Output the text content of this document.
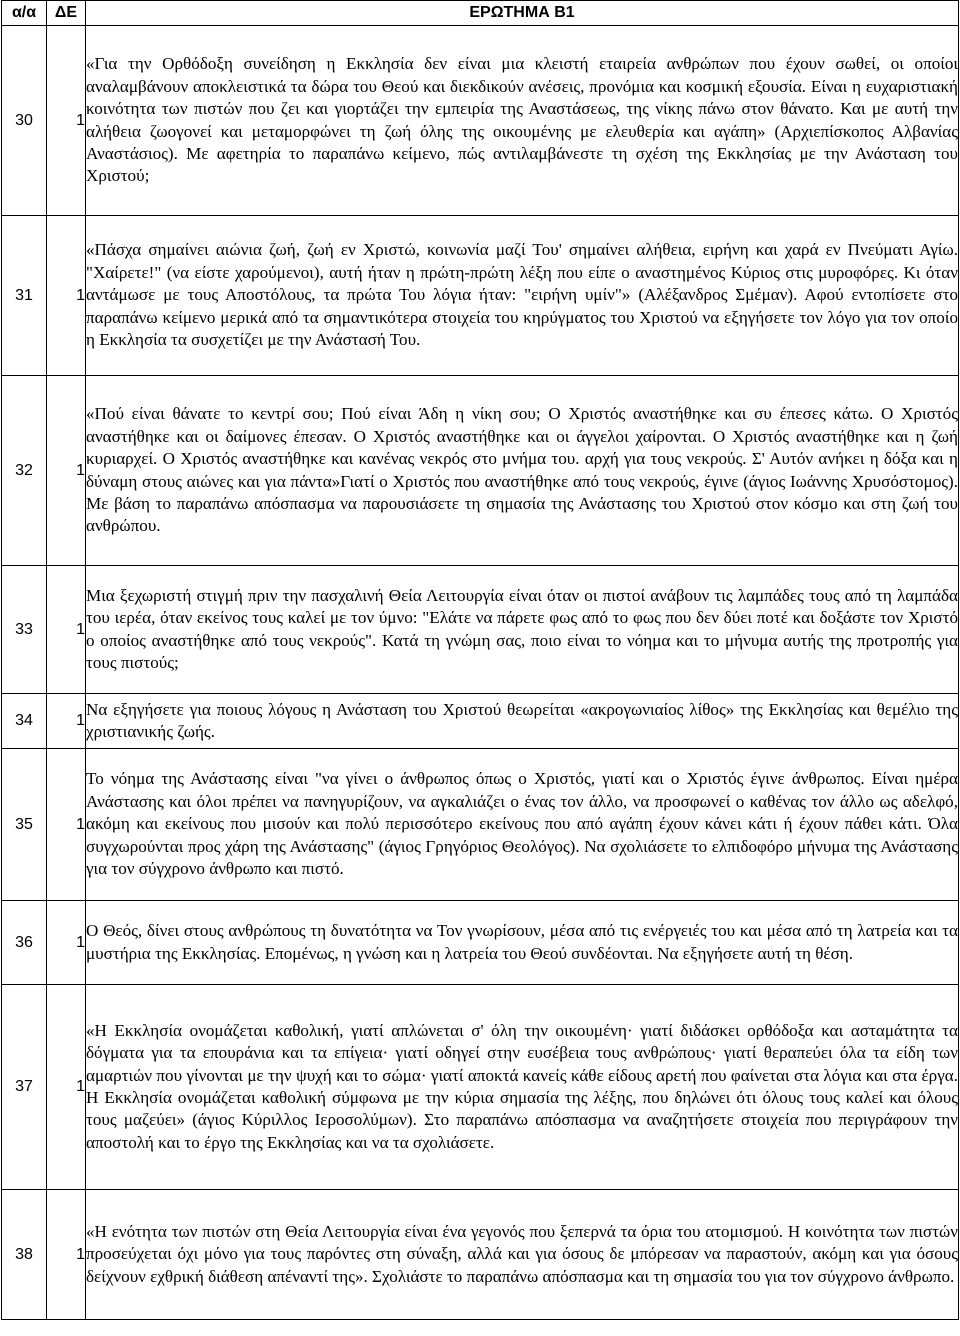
α/α	ΔΕ	ΕΡΩΤΗΜΑ Β1
30	1	«Για την Ορθόδοξη συνείδηση η Εκκλησία δεν είναι μια κλειστή εταιρεία ανθρώπων που έχουν σωθεί, οι οποίοι αναλαμβάνουν αποκλειστικά τα δώρα του Θεού και διεκδικούν ανέσεις, προνόμια και κοσμική εξουσία. Είναι η ευχαριστιακή κοινότητα των πιστών που ζει και γιορτάζει την εμπειρία της Αναστάσεως, της νίκης πάνω στον θάνατο. Και με αυτή την αλήθεια ζωογονεί και μεταμορφώνει τη ζωή όλης της οικουμένης με ελευθερία και αγάπη» (Αρχιεπίσκοπος Αλβανίας Αναστάσιος). Με αφετηρία το παραπάνω κείμενο, πώς αντιλαμβάνεστε τη σχέση της Εκκλησίας με την Ανάσταση του Χριστού;
31	1	«Πάσχα σημαίνει αιώνια ζωή, ζωή εν Χριστώ, κοινωνία μαζί Του' σημαίνει αλήθεια, ειρήνη και χαρά εν Πνεύματι Αγίω. "Χαίρετε!" (να είστε χαρούμενοι), αυτή ήταν η πρώτη-πρώτη λέξη που είπε ο αναστημένος Κύριος στις μυροφόρες. Κι όταν αντάμωσε με τους Αποστόλους, τα πρώτα Του λόγια ήταν: "ειρήνη υμίν"» (Αλέξανδρος Σμέμαν). Αφού εντοπίσετε στο παραπάνω κείμενο μερικά από τα σημαντικότερα στοιχεία του κηρύγματος του Χριστού να εξηγήσετε τον λόγο για τον οποίο η Εκκλησία τα συσχετίζει με την Ανάστασή Του.
32	1	«Πού είναι θάνατε το κεντρί σου; Πού είναι Άδη η νίκη σου; Ο Χριστός αναστήθηκε και συ έπεσες κάτω. Ο Χριστός αναστήθηκε και οι δαίμονες έπεσαν. Ο Χριστός αναστήθηκε και οι άγγελοι χαίρονται. Ο Χριστός αναστήθηκε και η ζωή κυριαρχεί. Ο Χριστός αναστήθηκε και κανένας νεκρός στο μνήμα του. αρχή για τους νεκρούς. Σ' Αυτόν ανήκει η δόξα και η δύναμη στους αιώνες και για πάντα»Γιατί ο Χριστός που αναστήθηκε από τους νεκρούς, έγινε (άγιος Ιωάννης Χρυσόστομος). Με βάση το παραπάνω απόσπασμα να παρουσιάσετε τη σημασία της Ανάστασης του Χριστού στον κόσμο και στη ζωή του ανθρώπου.
33	1	Μια ξεχωριστή στιγμή πριν την πασχαλινή Θεία Λειτουργία είναι όταν οι πιστοί ανάβουν τις λαμπάδες τους από τη λαμπάδα του ιερέα, όταν εκείνος τους καλεί με τον ύμνο: "Ελάτε να πάρετε φως από το φως που δεν δύει ποτέ και δοξάστε τον Χριστό ο οποίος αναστήθηκε από τους νεκρούς". Κατά τη γνώμη σας, ποιο είναι το νόημα και το μήνυμα αυτής της προτροπής για τους πιστούς;
34	1	Να εξηγήσετε για ποιους λόγους η Ανάσταση του Χριστού θεωρείται «ακρογωνιαίος λίθος» της Εκκλησίας και θεμέλιο της χριστιανικής ζωής.
35	1	Το νόημα της Ανάστασης είναι "να γίνει ο άνθρωπος όπως ο Χριστός, γιατί και ο Χριστός έγινε άνθρωπος. Είναι ημέρα Ανάστασης και όλοι πρέπει να πανηγυρίζουν, να αγκαλιάζει ο ένας τον άλλο, να προσφωνεί ο καθένας τον άλλο ως αδελφό, ακόμη και εκείνους που μισούν και πολύ περισσότερο εκείνους που από αγάπη έχουν κάνει κάτι ή έχουν πάθει κάτι. Όλα συγχωρούνται προς χάρη της Ανάστασης" (άγιος Γρηγόριος Θεολόγος). Να σχολιάσετε το ελπιδοφόρο μήνυμα της Ανάστασης για τον σύγχρονο άνθρωπο και πιστό.
36	1	Ο Θεός, δίνει στους ανθρώπους τη δυνατότητα να Τον γνωρίσουν, μέσα από τις ενέργειές του και μέσα από τη λατρεία και τα μυστήρια της Εκκλησίας. Επομένως, η γνώση και η λατρεία του Θεού συνδέονται. Να εξηγήσετε αυτή τη θέση.
37	1	«Η Εκκλησία ονομάζεται καθολική, γιατί απλώνεται σ' όλη την οικουμένη· γιατί διδάσκει ορθόδοξα και ασταμάτητα τα δόγματα για τα επουράνια και τα επίγεια· γιατί οδηγεί στην ευσέβεια τους ανθρώπους· γιατί θεραπεύει όλα τα είδη των αμαρτιών που γίνονται με την ψυχή και το σώμα· γιατί αποκτά κανείς κάθε είδους αρετή που φαίνεται στα λόγια και στα έργα. Η Εκκλησία ονομάζεται καθολική σύμφωνα με την κύρια σημασία της λέξης, που δηλώνει ότι όλους τους καλεί και όλους τους μαζεύει» (άγιος Κύριλλος Ιεροσολύμων). Στο παραπάνω απόσπασμα να αναζητήσετε στοιχεία που περιγράφουν την αποστολή και το έργο της Εκκλησίας και να τα σχολιάσετε.
38	1	«Η ενότητα των πιστών στη Θεία Λειτουργία είναι ένα γεγονός που ξεπερνά τα όρια του ατομισμού. Η κοινότητα των πιστών προσεύχεται όχι μόνο για τους παρόντες στη σύναξη, αλλά και για όσους δε μπόρεσαν να παραστούν, ακόμη και για όσους δείχνουν εχθρική διάθεση απέναντί της». Σχολιάστε το παραπάνω απόσπασμα και τη σημασία του για τον σύγχρονο άνθρωπο.
